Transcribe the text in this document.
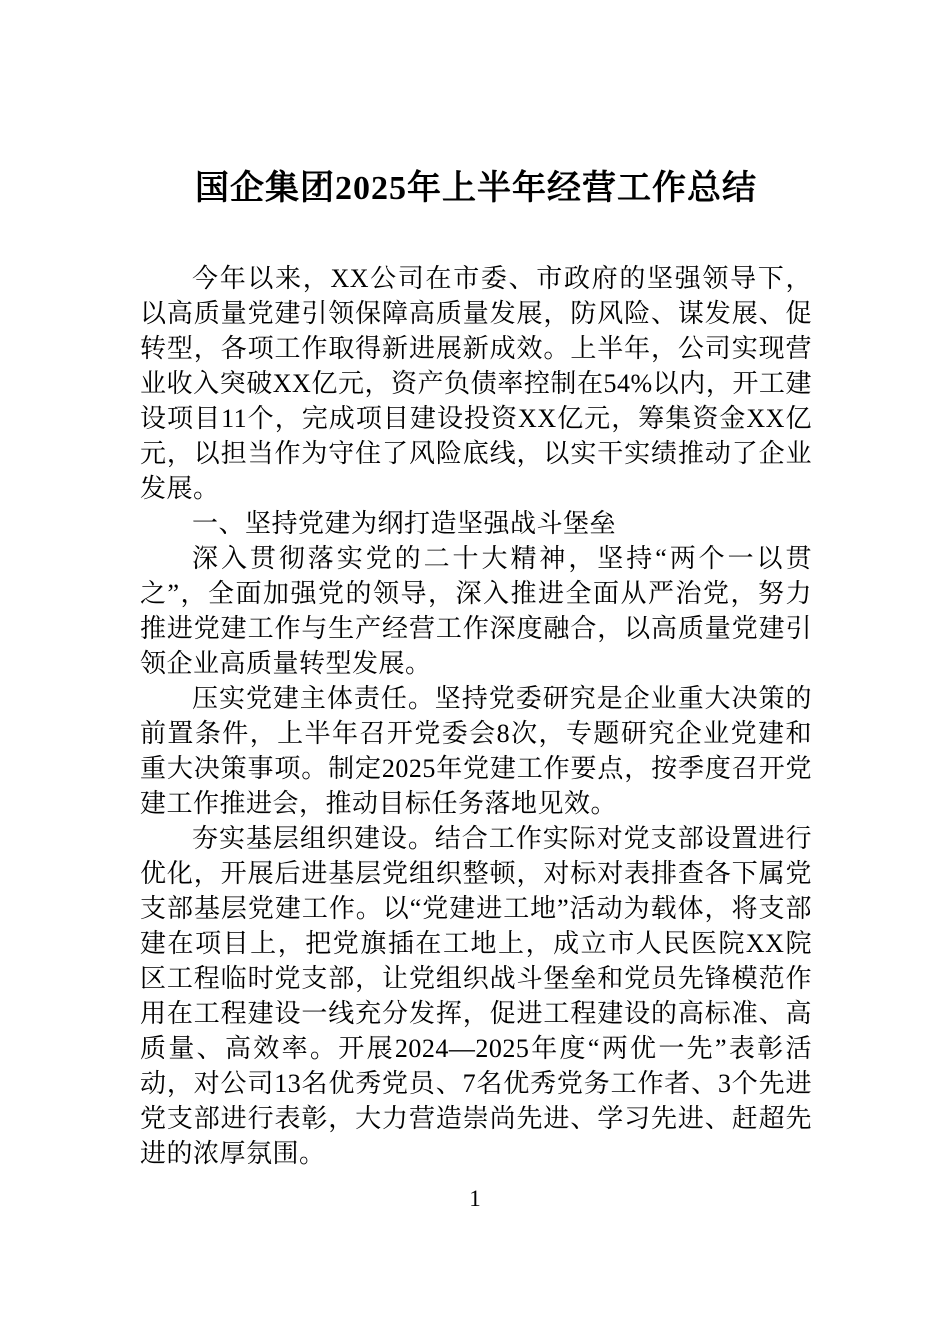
国企集团2025年上半年经营工作总结

今年以来，XX公司在市委、市政府的坚强领导下，以高质量党建引领保障高质量发展，防风险、谋发展、促转型，各项工作取得新进展新成效。上半年，公司实现营业收入突破XX亿元，资产负债率控制在54%以内，开工建设项目11个，完成项目建设投资XX亿元，筹集资金XX亿元，以担当作为守住了风险底线，以实干实绩推动了企业发展。

一、坚持党建为纲打造坚强战斗堡垒

深入贯彻落实党的二十大精神，坚持“两个一以贯之”，全面加强党的领导，深入推进全面从严治党，努力推进党建工作与生产经营工作深度融合，以高质量党建引领企业高质量转型发展。

压实党建主体责任。坚持党委研究是企业重大决策的前置条件，上半年召开党委会8次，专题研究企业党建和重大决策事项。制定2025年党建工作要点，按季度召开党建工作推进会，推动目标任务落地见效。

夯实基层组织建设。结合工作实际对党支部设置进行优化，开展后进基层党组织整顿，对标对表排查各下属党支部基层党建工作。以“党建进工地”活动为载体，将支部建在项目上，把党旗插在工地上，成立市人民医院XX院区工程临时党支部，让党组织战斗堡垒和党员先锋模范作用在工程建设一线充分发挥，促进工程建设的高标准、高质量、高效率。开展2024—2025年度“两优一先”表彰活动，对公司13名优秀党员、7名优秀党务工作者、3个先进党支部进行表彰，大力营造崇尚先进、学习先进、赶超先进的浓厚氛围。

1
